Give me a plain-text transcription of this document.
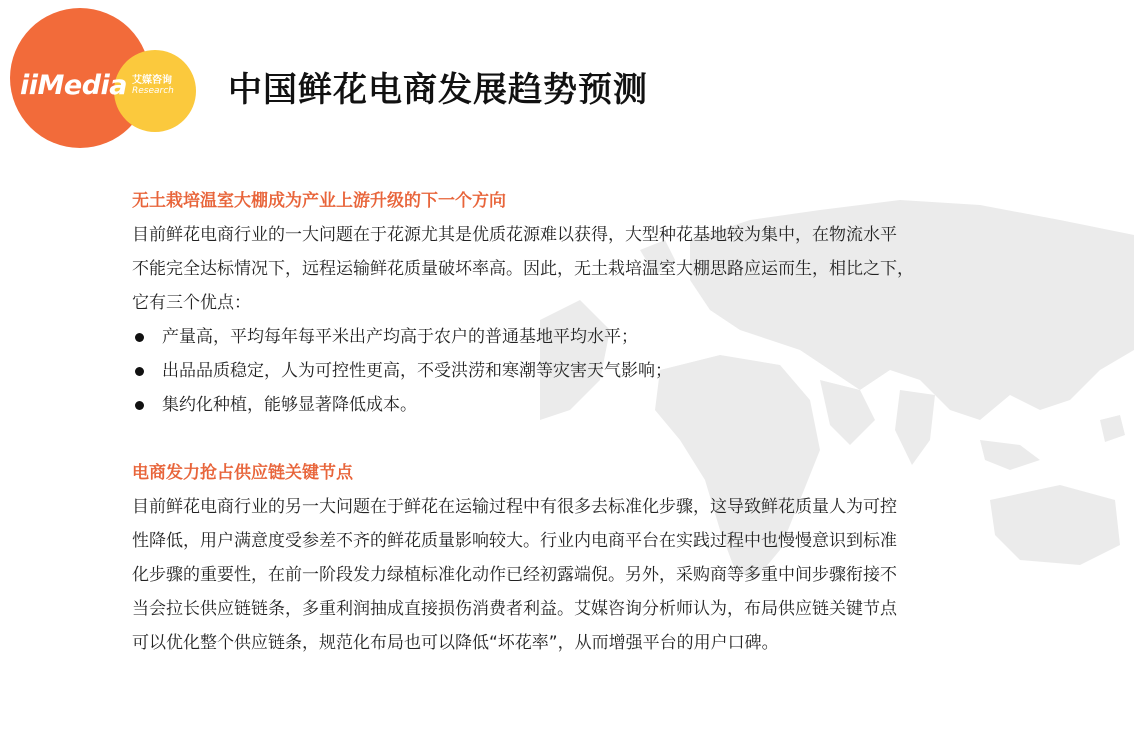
iiMedia 艾媒咨询
Research 中国鲜花电商发展趋势预测
无土栽培温室大棚成为产业上游升级的下一个方向

目前鲜花电商行业的一大问题在于花源尤其是优质花源难以获得，大型种花基地较为集中，在物流水平

不能完全达标情况下，远程运输鲜花质量破坏率高。因此，无土栽培温室大棚思路应运而生，相比之下，

它有三个优点：

产量高，平均每年每平米出产均高于农户的普通基地平均水平；
出品品质稳定，人为可控性更高，不受洪涝和寒潮等灾害天气影响；
集约化种植，能够显著降低成本。
电商发力抢占供应链关键节点

目前鲜花电商行业的另一大问题在于鲜花在运输过程中有很多去标准化步骤，这导致鲜花质量人为可控

性降低，用户满意度受参差不齐的鲜花质量影响较大。行业内电商平台在实践过程中也慢慢意识到标准

化步骤的重要性，在前一阶段发力绿植标准化动作已经初露端倪。另外，采购商等多重中间步骤衔接不

当会拉长供应链链条，多重利润抽成直接损伤消费者利益。艾媒咨询分析师认为，布局供应链关键节点

可以优化整个供应链条，规范化布局也可以降低“坏花率”，从而增强平台的用户口碑。
